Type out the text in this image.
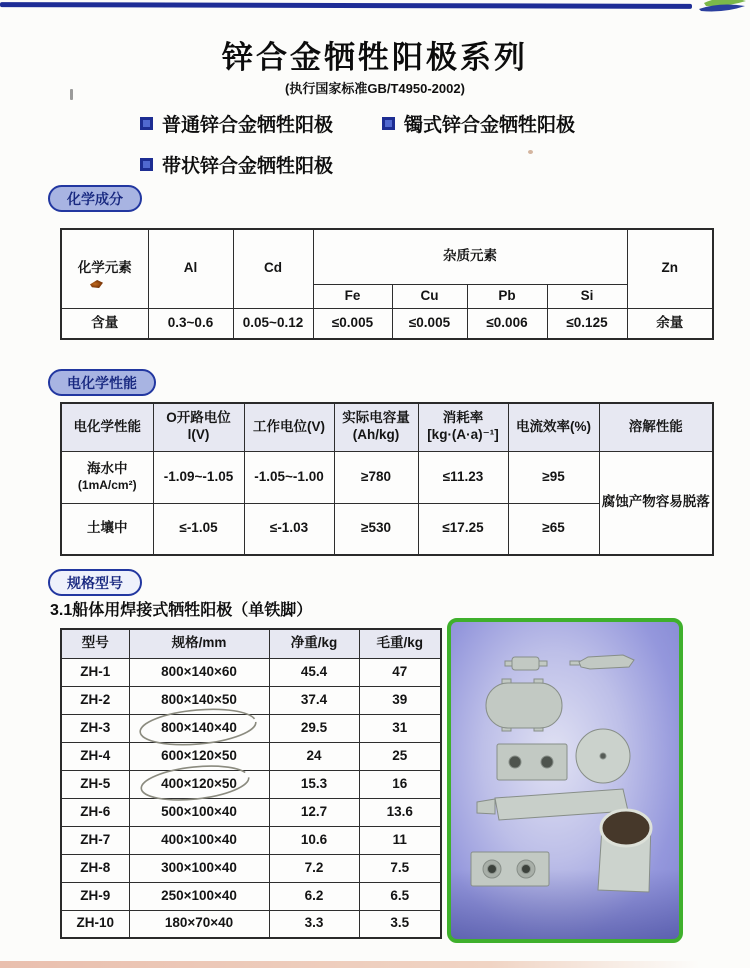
锌合金牺牲阳极系列
(执行国家标准GB/T4950-2002)
普通锌合金牺牲阳极	镯式锌合金牺牲阳极
带状锌合金牺牲阳极
化学成分
化学元素	Al	Cd	杂质元素				Zn
			Fe	Cu	Pb	Si	
含量	0.3~0.6	0.05~0.12	≤0.005	≤0.005	≤0.006	≤0.125	余量
电化学性能
电化学性能	O开路电位l(V)	工作电位(V)	实际电容量 (Ah/kg)	消耗率 [kg·(A·a)⁻¹]	电流效率(%)	溶解性能

海水中
(1mA/cm²)	-1.09~-1.05	-1.05~-1.00	≥780	≤11.23	≥95	腐蚀产物容易脱落
土壤中	≤-1.05	≤-1.03	≥530	≤17.25	≥65	
规格型号
3.1船体用焊接式牺牲阳极（单铁脚）
型号	规格/mm	净重/kg	毛重/kg
ZH-1	800×140×60	45.4	47
ZH-2	800×140×50	37.4	39
ZH-3	800×140×40	29.5	31
ZH-4	600×120×50	24	25
ZH-5	400×120×50	15.3	16
ZH-6	500×100×40	12.7	13.6
ZH-7	400×100×40	10.6	11
ZH-8	300×100×40	7.2	7.5
ZH-9	250×100×40	6.2	6.5
ZH-10	180×70×40	3.3	3.5
